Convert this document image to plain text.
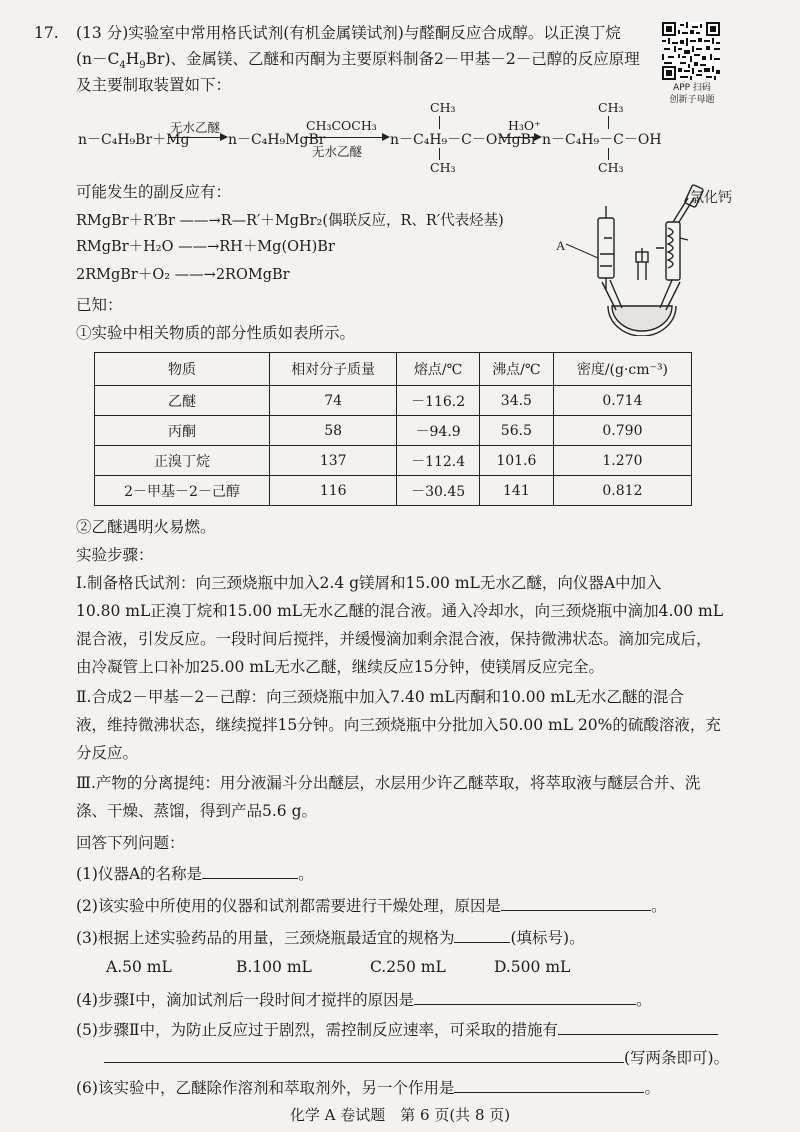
17. (13 分)实验室中常用格氏试剂(有机金属镁试剂)与醛酮反应合成醇。以正溴丁烷
$(n-C_4H_9Br)$、金属镁、乙醚和丙酮为主要原料制备2－甲基－2－己醇的反应原理
及主要制取装置如下：	APP 扫码
创新子母题
n－C₄H₉Br＋Mg
无水乙醚
n－C₄H₉MgBr
CH₃COCH₃
无水乙醚
n－C₄H₉－C－OMgBr
CH₃
CH₃
H₃O⁺
n－C₄H₉－C－OH
CH₃
CH₃
可能发生的副反应有：
RMgBr＋R′Br ——→R—R′＋MgBr₂(偶联反应，R、R′代表烃基)
RMgBr＋H₂O ——→RH＋Mg(OH)Br
2RMgBr＋O₂ ——→2ROMgBr
A
氯化钙
已知：
①实验中相关物质的部分性质如表所示。
物质	相对分子质量	熔点/℃	沸点/℃	密度/(g·cm⁻³)
乙醚	74	－116.2	34.5	0.714
丙酮	58	－94.9	56.5	0.790
正溴丁烷	137	－112.4	101.6	1.270
2－甲基－2－己醇	116	－30.45	141	0.812
②乙醚遇明火易燃。
实验步骤：
Ⅰ.制备格氏试剂：向三颈烧瓶中加入2.4 g镁屑和15.00 mL无水乙醚，向仪器A中加入
10.80 mL正溴丁烷和15.00 mL无水乙醚的混合液。通入冷却水，向三颈烧瓶中滴加4.00 mL
混合液，引发反应。一段时间后搅拌，并缓慢滴加剩余混合液，保持微沸状态。滴加完成后，
由冷凝管上口补加25.00 mL无水乙醚，继续反应15分钟，使镁屑反应完全。
Ⅱ.合成2－甲基－2－己醇：向三颈烧瓶中加入7.40 mL丙酮和10.00 mL无水乙醚的混合
液，维持微沸状态，继续搅拌15分钟。向三颈烧瓶中分批加入50.00 mL 20%的硫酸溶液，充
分反应。
Ⅲ.产物的分离提纯：用分液漏斗分出醚层，水层用少许乙醚萃取，将萃取液与醚层合并、洗
涤、干燥、蒸馏，得到产品5.6 g。
回答下列问题：
(1)仪器A的名称是	。
(2)该实验中所使用的仪器和试剂都需要进行干燥处理，原因是	。
(3)根据上述实验药品的用量，三颈烧瓶最适宜的规格为	(填标号)。
A.50 mL	B.100 mL	C.250 mL	D.500 mL
(4)步骤Ⅰ中，滴加试剂后一段时间才搅拌的原因是	。
(5)步骤Ⅱ中，为防止反应过于剧烈，需控制反应速率，可采取的措施有
(写两条即可)。
(6)该实验中，乙醚除作溶剂和萃取剂外，另一个作用是	。
化学 A 卷试题　第 6 页(共 8 页)
